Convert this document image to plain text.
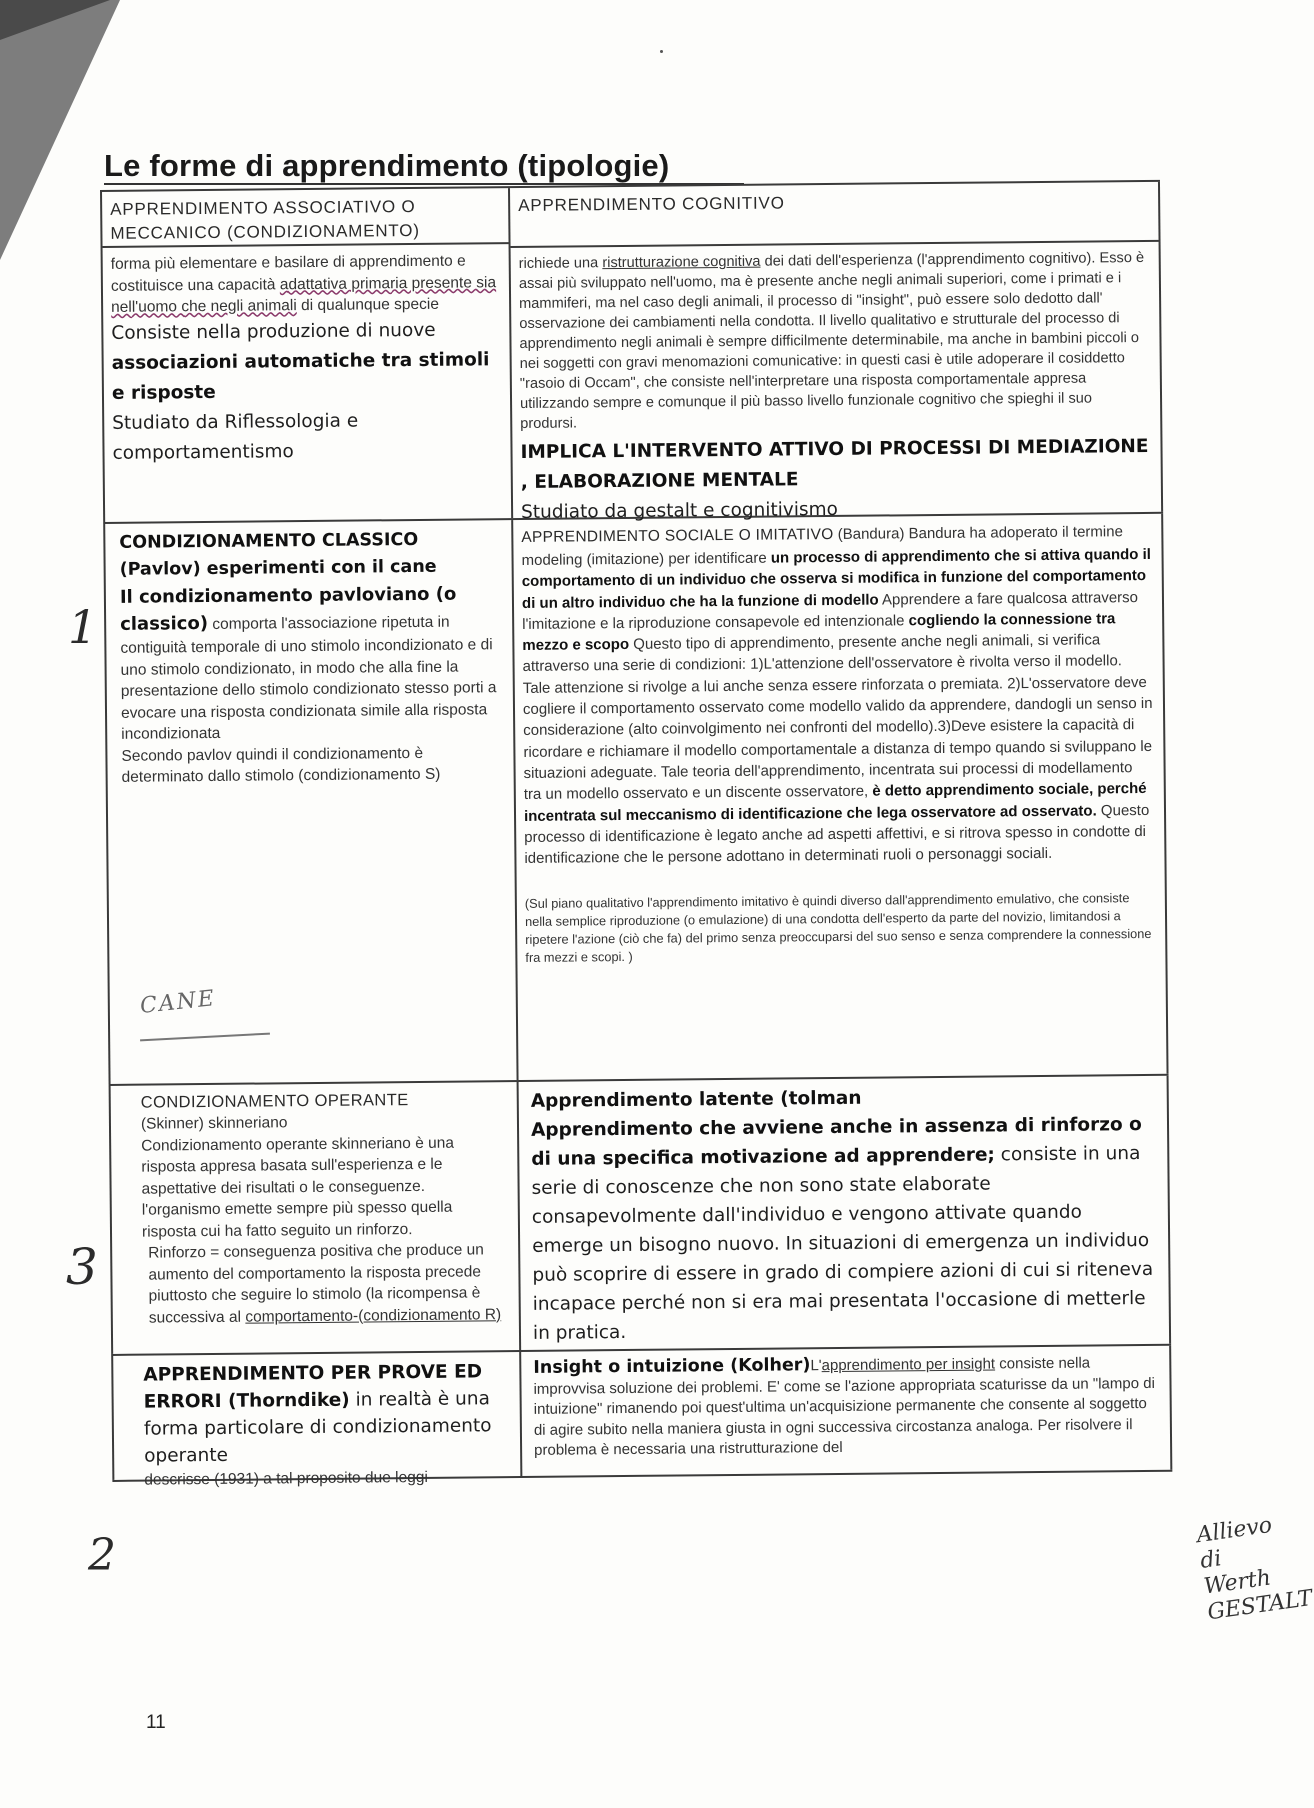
Le forme di apprendimento (tipologie)
APPRENDIMENTO ASSOCIATIVO O MECCANICO (CONDIZIONAMENTO)

forma più elementare e basilare di apprendimento e costituisce una capacità adattativa primaria presente sia nell'uomo che negli animali di qualunque specie

Consiste nella produzione di nuove associazioni automatiche tra stimoli e risposte

Studiato da Riflessologia e comportamentismo

APPRENDIMENTO COGNITIVO

richiede una ristrutturazione cognitiva dei dati dell'esperienza (l'apprendimento cognitivo). Esso è assai più sviluppato nell'uomo, ma è presente anche negli animali superiori, come i primati e i mammiferi, ma nel caso degli animali, il processo di "insight", può essere solo dedotto dall' osservazione dei cambiamenti nella condotta. Il livello qualitativo e strutturale del processo di apprendimento negli animali è sempre difficilmente determinabile, ma anche in bambini piccoli o nei soggetti con gravi menomazioni comunicative: in questi casi è utile adoperare il cosiddetto "rasoio di Occam", che consiste nell'interpretare una risposta comportamentale appresa utilizzando sempre e comunque il più basso livello funzionale cognitivo che spieghi il suo prodursi.

IMPLICA L'INTERVENTO ATTIVO DI PROCESSI DI MEDIAZIONE , ELABORAZIONE MENTALE

Studiato da gestalt e cognitivismo

CONDIZIONAMENTO CLASSICO

(Pavlov) esperimenti con il cane

Il condizionamento pavloviano (o classico) comporta l'associazione ripetuta in contiguità temporale di uno stimolo incondizionato e di uno stimolo condizionato, in modo che alla fine la presentazione dello stimolo condizionato stesso porti a evocare una risposta condizionata simile alla risposta incondizionata

Secondo pavlov quindi il condizionamento è determinato dallo stimolo (condizionamento S)

APPRENDIMENTO SOCIALE O IMITATIVO (Bandura) Bandura ha adoperato il termine modeling (imitazione) per identificare un processo di apprendimento che si attiva quando il comportamento di un individuo che osserva si modifica in funzione del comportamento di un altro individuo che ha la funzione di modello Apprendere a fare qualcosa attraverso l'imitazione e la riproduzione consapevole ed intenzionale cogliendo la connessione tra mezzo e scopo Questo tipo di apprendimento, presente anche negli animali, si verifica attraverso una serie di condizioni: 1)L'attenzione dell'osservatore è rivolta verso il modello. Tale attenzione si rivolge a lui anche senza essere rinforzata o premiata. 2)L'osservatore deve cogliere il comportamento osservato come modello valido da apprendere, dandogli un senso in considerazione (alto coinvolgimento nei confronti del modello).3)Deve esistere la capacità di ricordare e richiamare il modello comportamentale a distanza di tempo quando si sviluppano le situazioni adeguate. Tale teoria dell'apprendimento, incentrata sui processi di modellamento tra un modello osservato e un discente osservatore, è detto apprendimento sociale, perché incentrata sul meccanismo di identificazione che lega osservatore ad osservato. Questo processo di identificazione è legato anche ad aspetti affettivi, e si ritrova spesso in condotte di identificazione che le persone adottano in determinati ruoli o personaggi sociali.

(Sul piano qualitativo l'apprendimento imitativo è quindi diverso dall'apprendimento emulativo, che consiste nella semplice riproduzione (o emulazione) di una condotta dell'esperto da parte del novizio, limitandosi a ripetere l'azione (ciò che fa) del primo senza preoccuparsi del suo senso e senza comprendere la connessione fra mezzi e scopi. )

CONDIZIONAMENTO OPERANTE

(Skinner) skinneriano

Condizionamento operante skinneriano è una risposta appresa basata sull'esperienza e le aspettative dei risultati o le conseguenze. l'organismo emette sempre più spesso quella risposta cui ha fatto seguito un rinforzo.

Rinforzo = conseguenza positiva che produce un aumento del comportamento la risposta precede piuttosto che seguire lo stimolo (la ricompensa è successiva al comportamento-(condizionamento R)

Apprendimento latente (tolman

Apprendimento che avviene anche in assenza di rinforzo o di una specifica motivazione ad apprendere; consiste in una serie di conoscenze che non sono state elaborate consapevolmente dall'individuo e vengono attivate quando emerge un bisogno nuovo. In situazioni di emergenza un individuo può scoprire di essere in grado di compiere azioni di cui si riteneva incapace perché non si era mai presentata l'occasione di metterle in pratica.

APPRENDIMENTO PER PROVE ED ERRORI (Thorndike) in realtà è una forma particolare di condizionamento operante

descrisse (1931) a tal proposito due leggi

Insight o intuizione (Kolher)L'apprendimento per insight consiste nella improvvisa soluzione dei problemi. E' come se l'azione appropriata scaturisse da un "lampo di intuizione" rimanendo poi quest'ultima un'acquisizione permanente che consente al soggetto di agire subito nella maniera giusta in ogni successiva circostanza analoga. Per risolvere il problema è necessaria una ristrutturazione del

1
3
2
CANE
Allievo di Werth GESTALT
11
